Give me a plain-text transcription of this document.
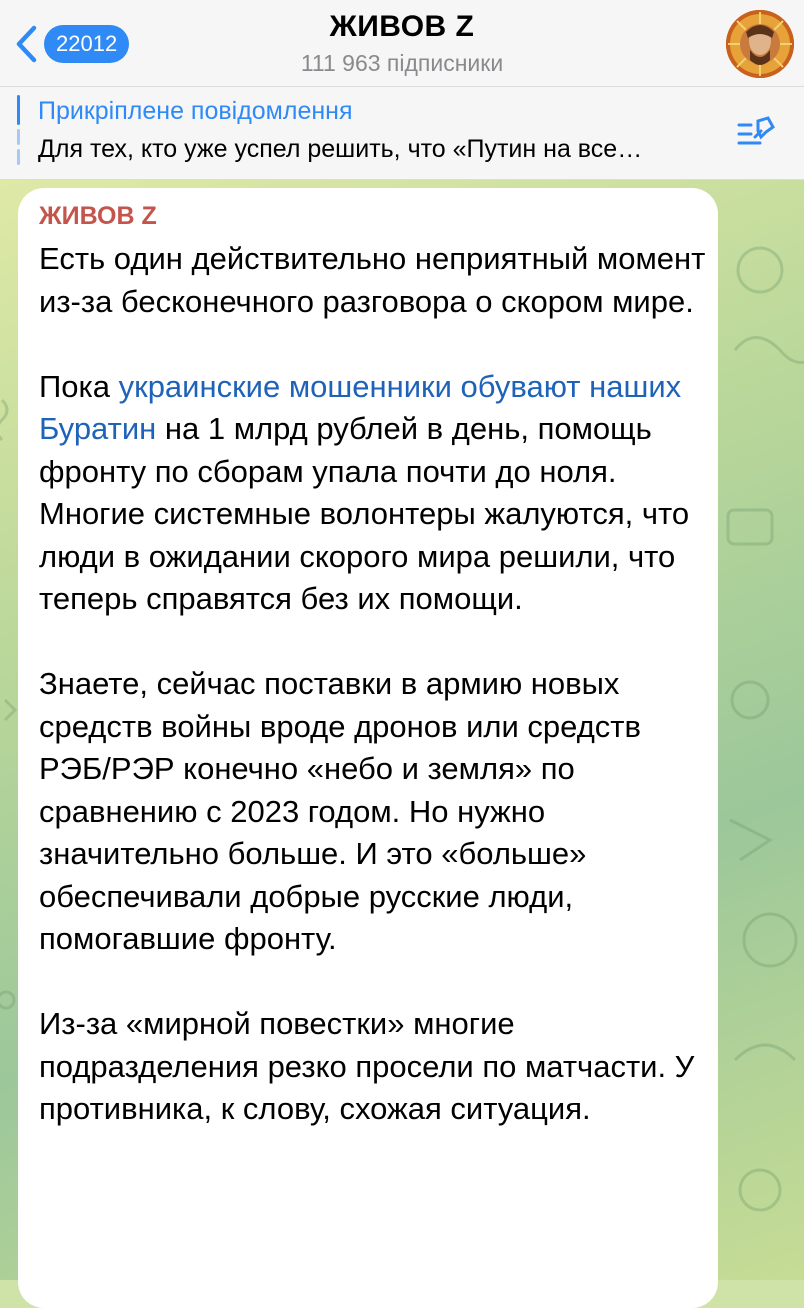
22012
ЖИВОВ Z
111 963 підписники
Прикріплене повідомлення
Для тех, кто уже успел решить, что «Путин на все…
ЖИВОВ Z

Есть один действительно неприятный момент из-за бесконечного разговора о скором мире.

Пока украинские мошенники обувают наших Буратин на 1 млрд рублей в день, помощь фронту по сборам упала почти до ноля. Многие системные волонтеры жалуются, что люди в ожидании скорого мира решили, что теперь справятся без их помощи.

Знаете, сейчас поставки в армию новых средств войны вроде дронов или средств РЭБ/РЭР конечно «небо и земля» по сравнению с 2023 годом. Но нужно значительно больше. И это «больше» обеспечивали добрые русские люди, помогавшие фронту.

Из-за «мирной повестки» многие подразделения резко просели по матчасти. У противника, к слову, схожая ситуация.
